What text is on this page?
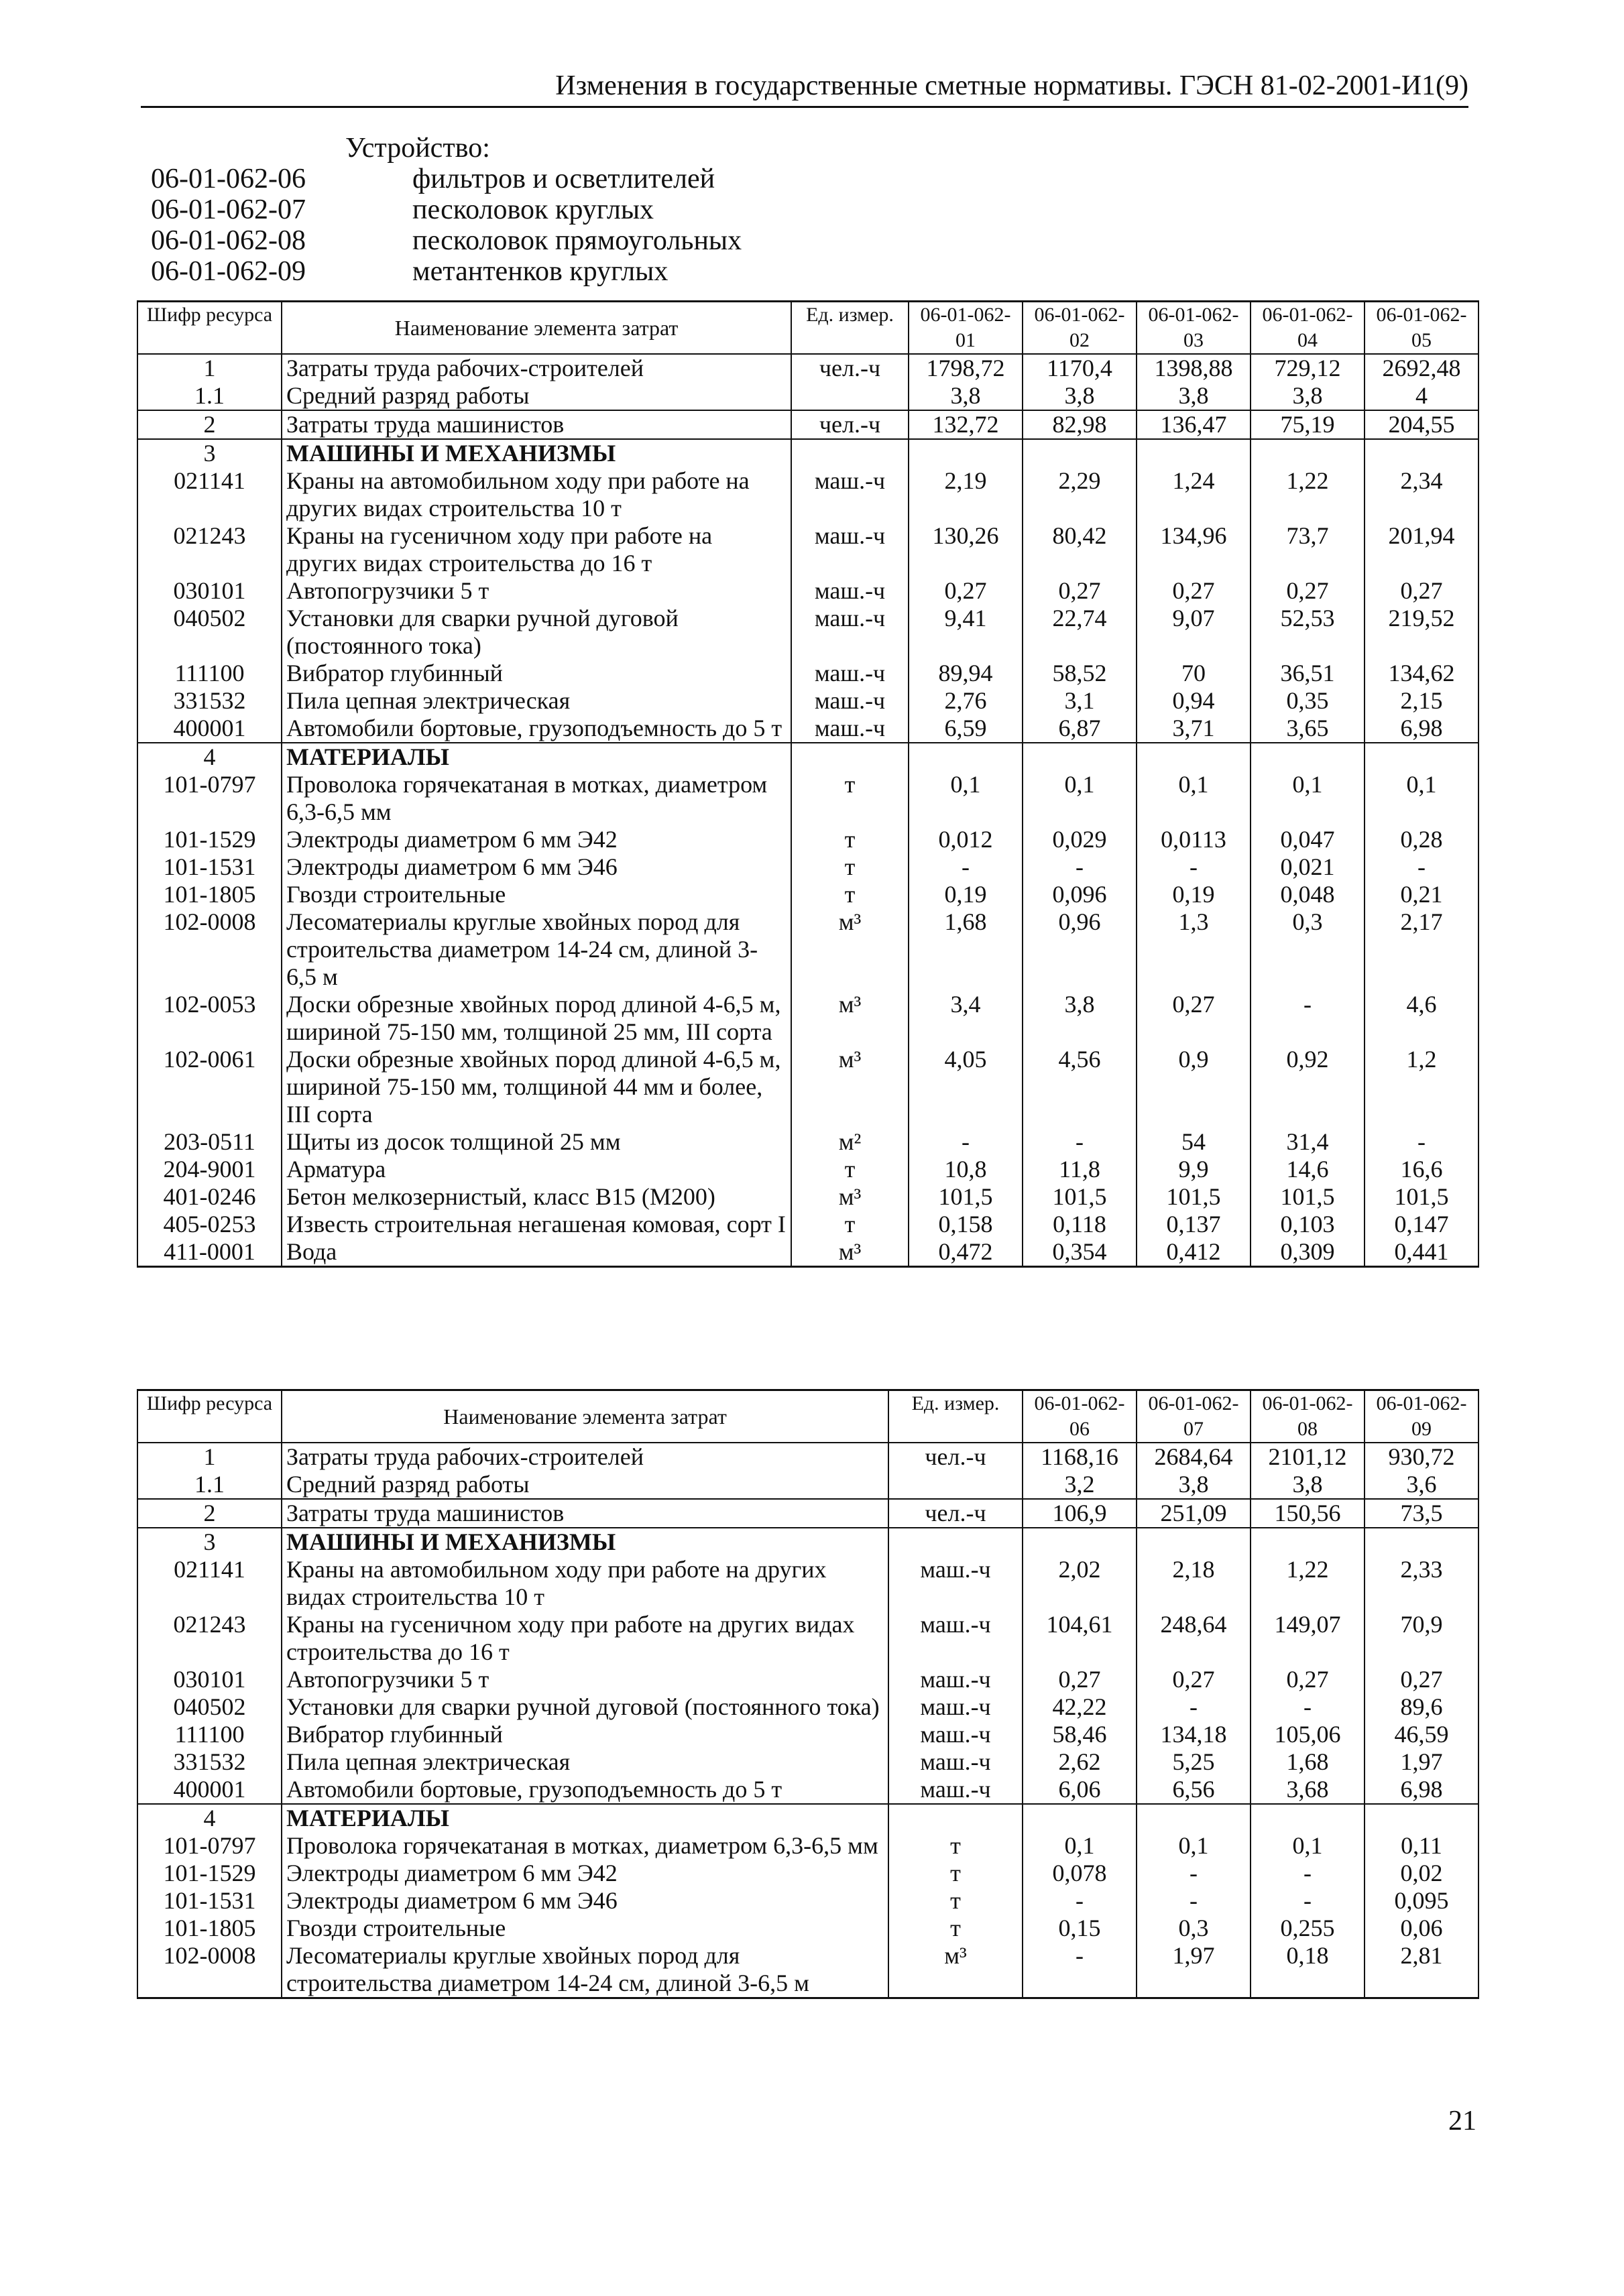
Изменения в государственные сметные нормативы. ГЭСН 81-02-2001-И1(9)
Устройство:
06-01-062-06	фильтров и осветлителей
06-01-062-07	песколовок круглых
06-01-062-08	песколовок прямоугольных
06-01-062-09	метантенков круглых
Шифр ресурса	Наименование элемента затрат	Ед. измер.	06-01-062-01	06-01-062-02	06-01-062-03	06-01-062-04	06-01-062-05
1	Затраты труда рабочих-строителей	чел.-ч	1798,72	1170,4	1398,88	729,12	2692,48
1.1	Средний разряд работы		3,8	3,8	3,8	3,8	4
2	Затраты труда машинистов	чел.-ч	132,72	82,98	136,47	75,19	204,55
3	МАШИНЫ И МЕХАНИЗМЫ						
021141	Краны на автомобильном ходу при работе на других видах строительства 10 т	маш.-ч	2,19	2,29	1,24	1,22	2,34
021243	Краны на гусеничном ходу при работе на других видах строительства до 16 т	маш.-ч	130,26	80,42	134,96	73,7	201,94
030101	Автопогрузчики 5 т	маш.-ч	0,27	0,27	0,27	0,27	0,27
040502	Установки для сварки ручной дуговой (постоянного тока)	маш.-ч	9,41	22,74	9,07	52,53	219,52
111100	Вибратор глубинный	маш.-ч	89,94	58,52	70	36,51	134,62
331532	Пила цепная электрическая	маш.-ч	2,76	3,1	0,94	0,35	2,15
400001	Автомобили бортовые, грузоподъемность до 5 т	маш.-ч	6,59	6,87	3,71	3,65	6,98
4	МАТЕРИАЛЫ						
101-0797	Проволока горячекатаная в мотках, диаметром 6,3-6,5 мм	т	0,1	0,1	0,1	0,1	0,1
101-1529	Электроды диаметром 6 мм Э42	т	0,012	0,029	0,0113	0,047	0,28
101-1531	Электроды диаметром 6 мм Э46	т	-	-	-	0,021	-
101-1805	Гвозди строительные	т	0,19	0,096	0,19	0,048	0,21
102-0008	Лесоматериалы круглые хвойных пород для строительства диаметром 14-24 см, длиной 3-6,5 м	м³	1,68	0,96	1,3	0,3	2,17
102-0053	Доски обрезные хвойных пород длиной 4-6,5 м, шириной 75-150 мм, толщиной 25 мм, III сорта	м³	3,4	3,8	0,27	-	4,6
102-0061	Доски обрезные хвойных пород длиной 4-6,5 м, шириной 75-150 мм, толщиной 44 мм и более, III сорта	м³	4,05	4,56	0,9	0,92	1,2
203-0511	Щиты из досок толщиной 25 мм	м²	-	-	54	31,4	-
204-9001	Арматура	т	10,8	11,8	9,9	14,6	16,6
401-0246	Бетон мелкозернистый, класс В15 (М200)	м³	101,5	101,5	101,5	101,5	101,5
405-0253	Известь строительная негашеная комовая, сорт I	т	0,158	0,118	0,137	0,103	0,147
411-0001	Вода	м³	0,472	0,354	0,412	0,309	0,441
Шифр ресурса	Наименование элемента затрат	Ед. измер.	06-01-062-06	06-01-062-07	06-01-062-08	06-01-062-09
1	Затраты труда рабочих-строителей	чел.-ч	1168,16	2684,64	2101,12	930,72
1.1	Средний разряд работы		3,2	3,8	3,8	3,6
2	Затраты труда машинистов	чел.-ч	106,9	251,09	150,56	73,5
3	МАШИНЫ И МЕХАНИЗМЫ					
021141	Краны на автомобильном ходу при работе на других видах строительства 10 т	маш.-ч	2,02	2,18	1,22	2,33
021243	Краны на гусеничном ходу при работе на других видах строительства до 16 т	маш.-ч	104,61	248,64	149,07	70,9
030101	Автопогрузчики 5 т	маш.-ч	0,27	0,27	0,27	0,27
040502	Установки для сварки ручной дуговой (постоянного тока)	маш.-ч	42,22	-	-	89,6
111100	Вибратор глубинный	маш.-ч	58,46	134,18	105,06	46,59
331532	Пила цепная электрическая	маш.-ч	2,62	5,25	1,68	1,97
400001	Автомобили бортовые, грузоподъемность до 5 т	маш.-ч	6,06	6,56	3,68	6,98
4	МАТЕРИАЛЫ					
101-0797	Проволока горячекатаная в мотках, диаметром 6,3-6,5 мм	т	0,1	0,1	0,1	0,11
101-1529	Электроды диаметром 6 мм Э42	т	0,078	-	-	0,02
101-1531	Электроды диаметром 6 мм Э46	т	-	-	-	0,095
101-1805	Гвозди строительные	т	0,15	0,3	0,255	0,06
102-0008	Лесоматериалы круглые хвойных пород для строительства диаметром 14-24 см, длиной 3-6,5 м	м³	-	1,97	0,18	2,81
21
